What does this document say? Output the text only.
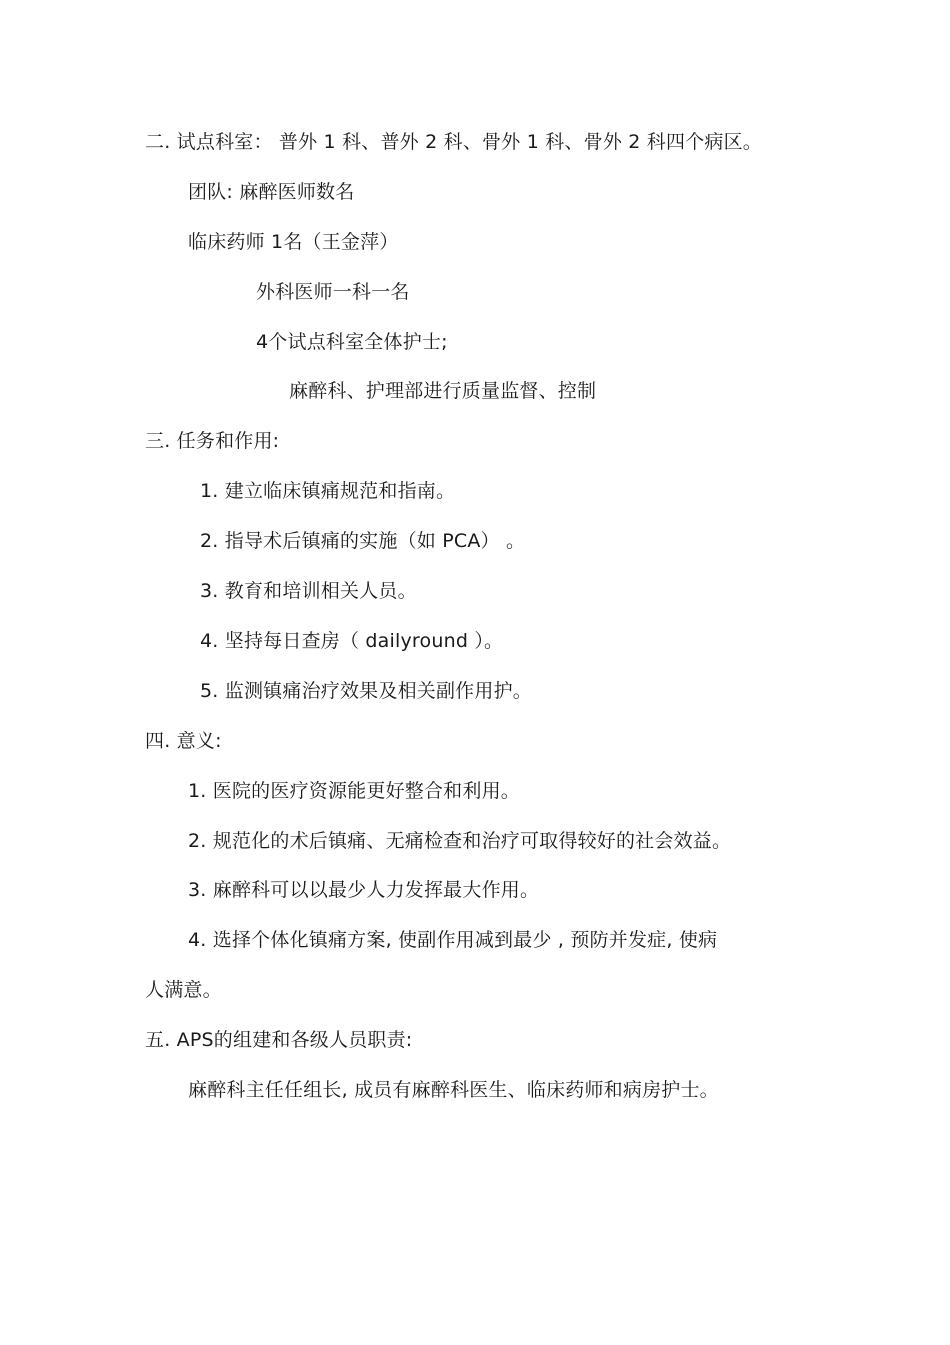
二. 试点科室： 普外 1 科、普外 2 科、骨外 1 科、骨外 2 科四个病区。
团队: 麻醉医师数名
临床药师 1名（王金萍）
外科医师一科一名
4个试点科室全体护士;
麻醉科、护理部进行质量监督、控制
三. 任务和作用:
1. 建立临床镇痛规范和指南。
2. 指导术后镇痛的实施（如 PCA） 。
3. 教育和培训相关人员。
4. 坚持每日查房（ dailyround ）。
5. 监测镇痛治疗效果及相关副作用护。
四. 意义:
1. 医院的医疗资源能更好整合和利用。
2. 规范化的术后镇痛、无痛检查和治疗可取得较好的社会效益。
3. 麻醉科可以以最少人力发挥最大作用。
4. 选择个体化镇痛方案, 使副作用减到最少 , 预防并发症, 使病
人满意。
五. APS的组建和各级人员职责:
麻醉科主任任组长, 成员有麻醉科医生、临床药师和病房护士。
